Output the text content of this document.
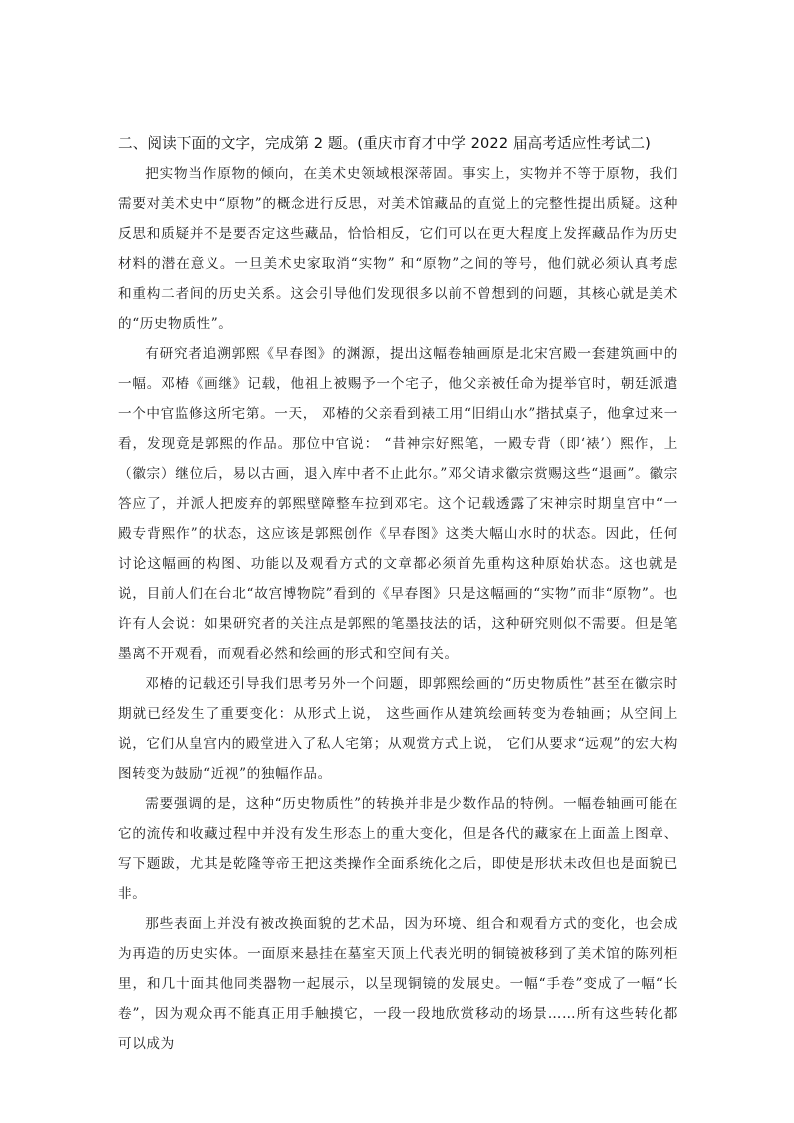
二、阅读下面的文字，完成第 2 题。(重庆市育才中学 2022 届高考适应性考试二)

把实物当作原物的倾向，在美术史领域根深蒂固。事实上，实物并不等于原物，我们需要对美术史中“原物”的概念进行反思，对美术馆藏品的直觉上的完整性提出质疑。这种反思和质疑并不是要否定这些藏品，恰恰相反，它们可以在更大程度上发挥藏品作为历史材料的潜在意义。一旦美术史家取消“实物” 和“原物”之间的等号，他们就必须认真考虑和重构二者间的历史关系。这会引导他们发现很多以前不曾想到的问题，其核心就是美术的“历史物质性”。

有研究者追溯郭熙《早春图》的渊源，提出这幅卷轴画原是北宋宫殿一套建筑画中的一幅。邓椿《画继》记载，他祖上被赐予一个宅子，他父亲被任命为提举官时，朝廷派遣一个中官监修这所宅第。一天， 邓椿的父亲看到裱工用“旧绢山水”揩拭桌子，他拿过来一看，发现竟是郭熙的作品。那位中官说： “昔神宗好熙笔，一殿专背（即‘裱’）熙作，上（徽宗）继位后，易以古画，退入库中者不止此尔。”邓父请求徽宗赏赐这些“退画”。徽宗答应了，并派人把废弃的郭熙壁障整车拉到邓宅。这个记载透露了宋神宗时期皇宫中“一殿专背熙作”的状态，这应该是郭熙创作《早春图》这类大幅山水时的状态。因此，任何讨论这幅画的构图、功能以及观看方式的文章都必须首先重构这种原始状态。这也就是说，目前人们在台北“故宫博物院”看到的《早春图》只是这幅画的“实物”而非“原物”。也许有人会说：如果研究者的关注点是郭熙的笔墨技法的话，这种研究则似不需要。但是笔墨离不开观看，而观看必然和绘画的形式和空间有关。

邓椿的记载还引导我们思考另外一个问题，即郭熙绘画的“历史物质性”甚至在徽宗时期就已经发生了重要变化：从形式上说， 这些画作从建筑绘画转变为卷轴画；从空间上说，它们从皇宫内的殿堂进入了私人宅第；从观赏方式上说， 它们从要求“远观”的宏大构图转变为鼓励“近视”的独幅作品。

需要强调的是，这种“历史物质性”的转换并非是少数作品的特例。一幅卷轴画可能在它的流传和收藏过程中并没有发生形态上的重大变化，但是各代的藏家在上面盖上图章、写下题跋，尤其是乾隆等帝王把这类操作全面系统化之后，即使是形状未改但也是面貌已非。

那些表面上并没有被改换面貌的艺术品，因为环境、组合和观看方式的变化，也会成为再造的历史实体。一面原来悬挂在墓室天顶上代表光明的铜镜被移到了美术馆的陈列柜里，和几十面其他同类器物一起展示，以呈现铜镜的发展史。一幅“手卷”变成了一幅“长卷”，因为观众再不能真正用手触摸它，一段一段地欣赏移动的场景……所有这些转化都可以成为
